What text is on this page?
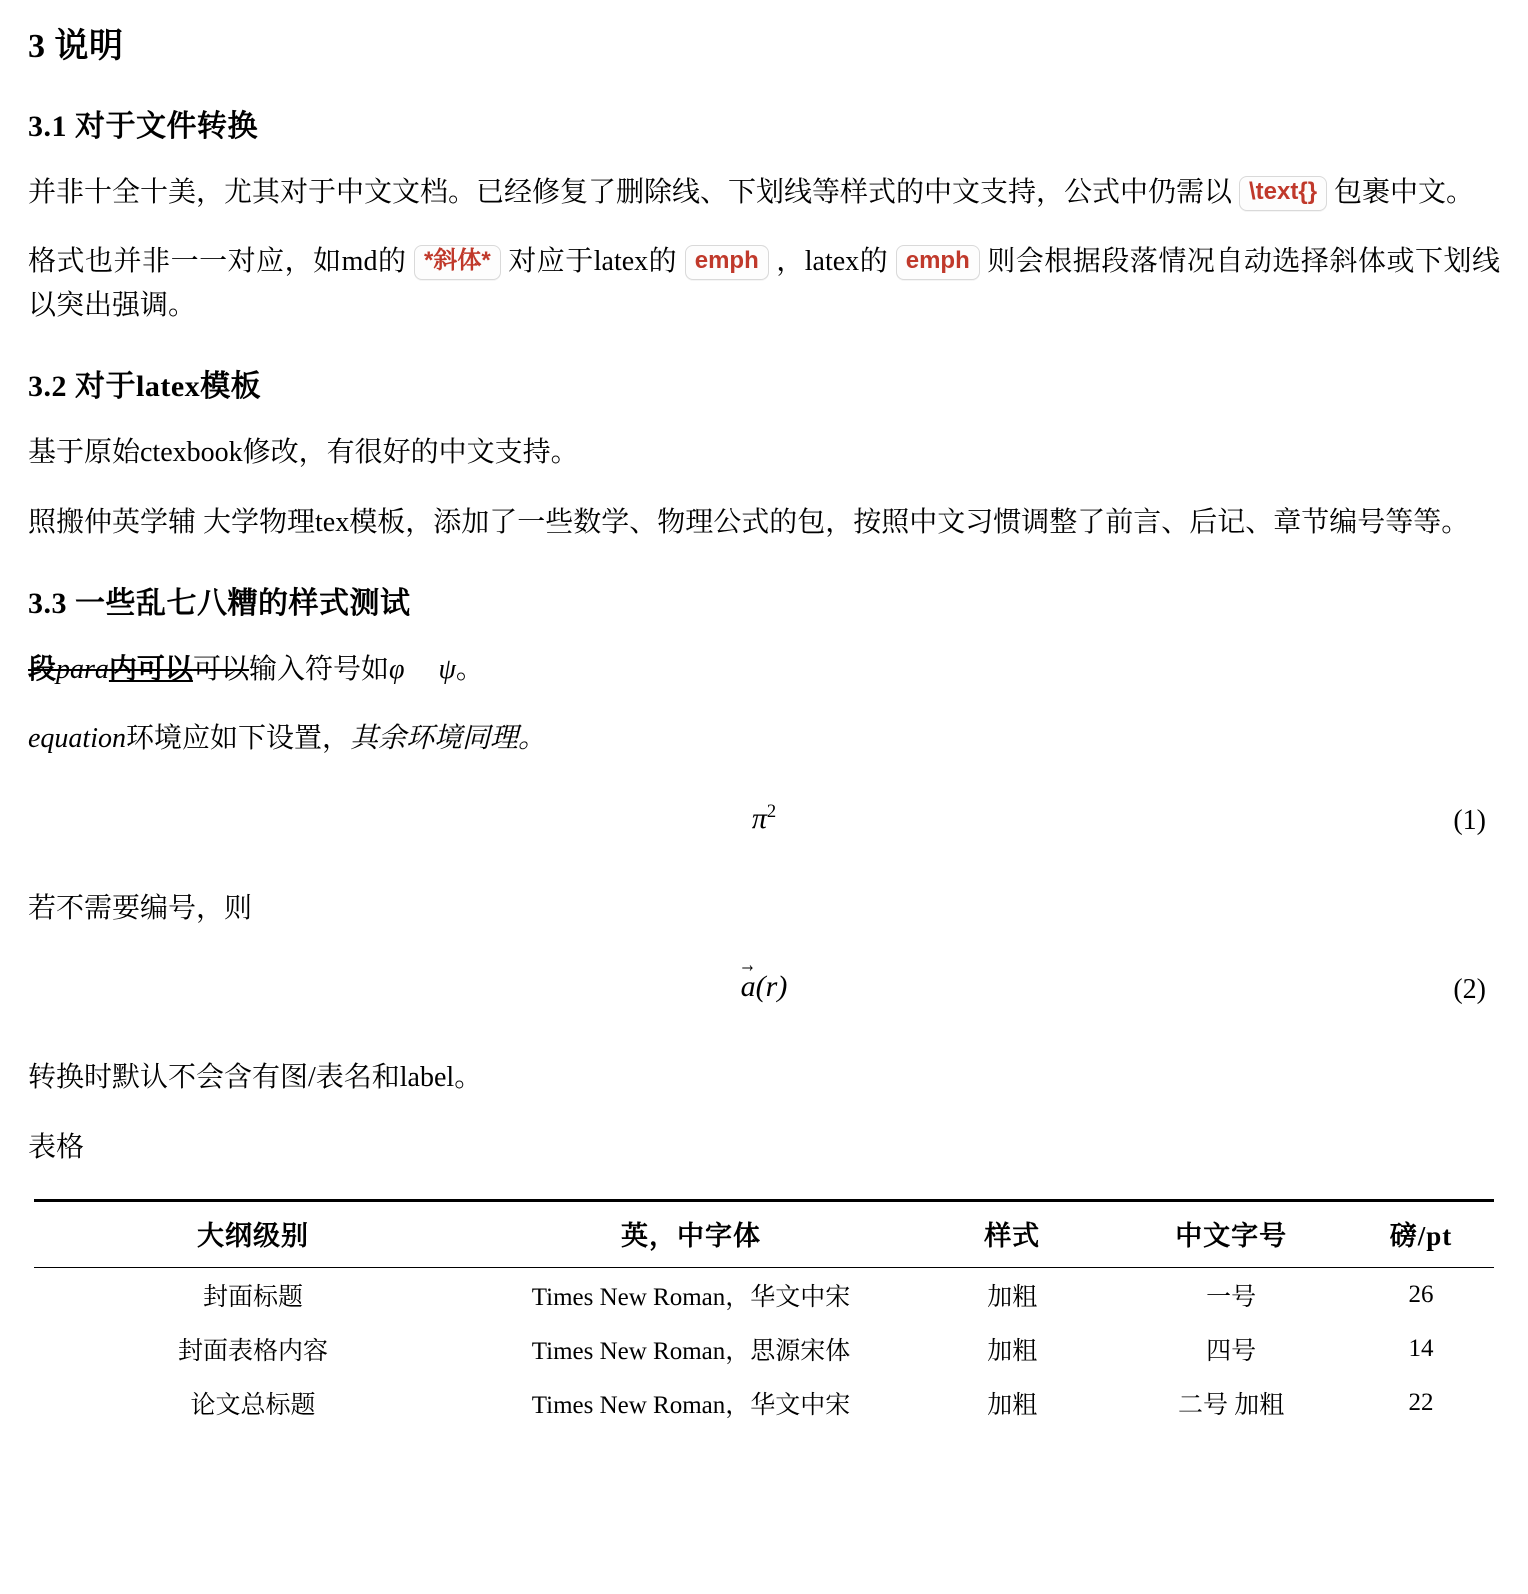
3 说明
3.1 对于文件转换

并非十全十美，尤其对于中文文档。已经修复了删除线、下划线等样式的中文支持，公式中仍需以 \text{} 包裹中文。

格式也并非一一对应，如md的 *斜体* 对应于latex的 emph ，latex的 emph 则会根据段落情况自动选择斜体或下划线以突出强调。

3.2 对于latex模板

基于原始ctexbook修改，有很好的中文支持。

照搬仲英学辅 大学物理tex模板，添加了一些数学、物理公式的包，按照中文习惯调整了前言、后记、章节编号等等。

3.3 一些乱七八糟的样式测试

段para内可以可以输入符号如φ ψ。

equation环境应如下设置，其余环境同理。

$\pi^2$	(1)

若不需要编号，则

a →(r)	(2)

转换时默认不会含有图/表名和label。

表格

大纲级别	英，中字体	样式	中文字号	磅/pt
封面标题	Times New Roman，华文中宋	加粗	一号	26
封面表格内容	Times New Roman，思源宋体	加粗	四号	14
论文总标题	Times New Roman，华文中宋	加粗	二号 加粗	22
